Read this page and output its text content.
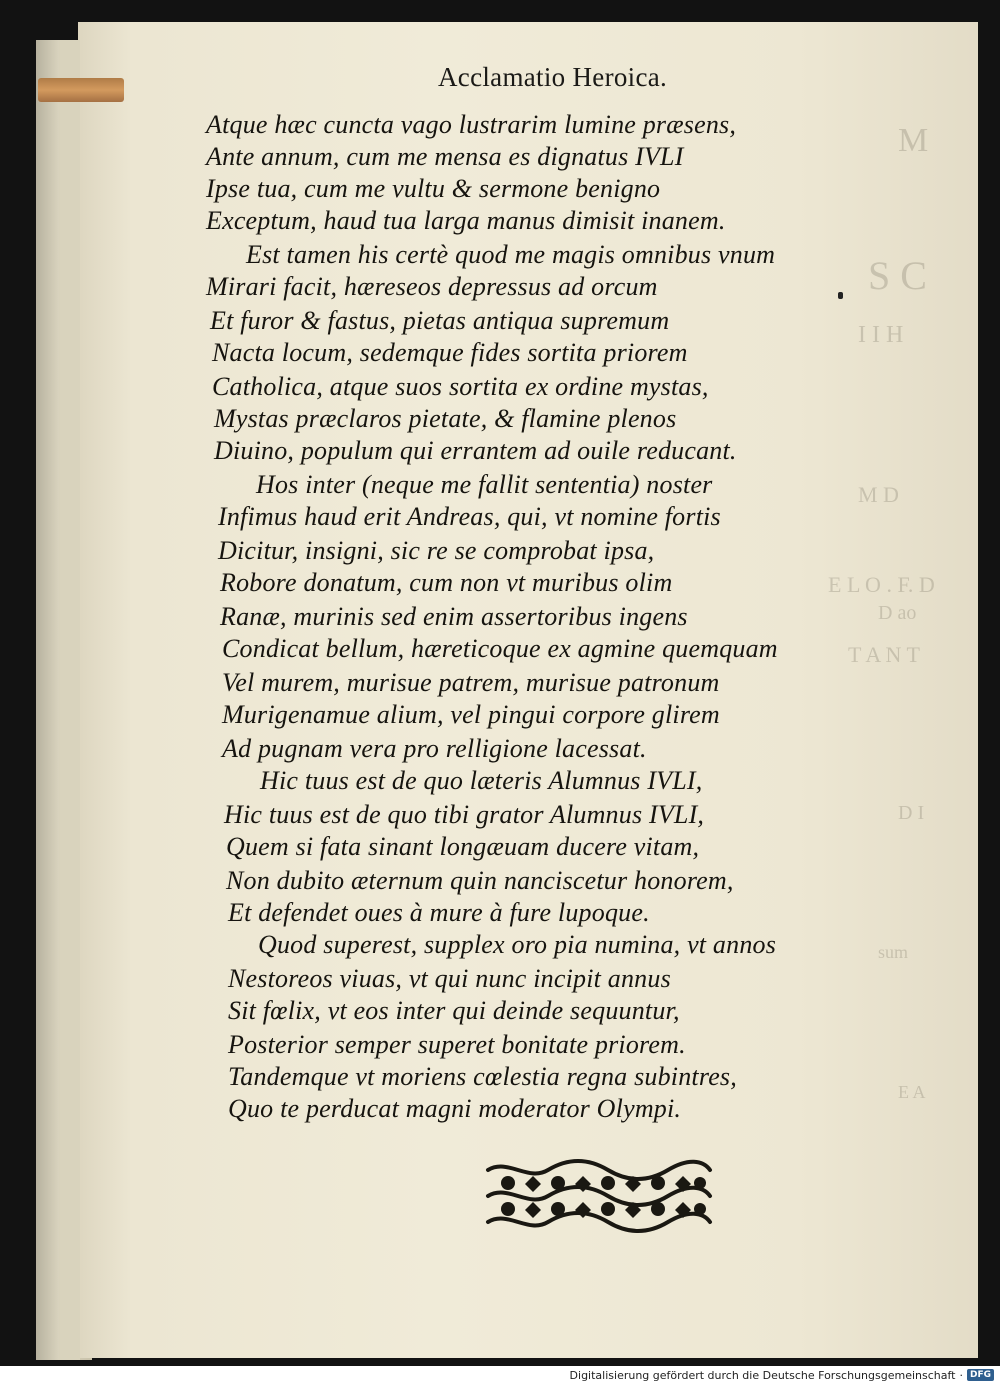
M
S C
I I H
M D
E L O . F. D
D ao
T A N T
D I
sum
E A
Acclamatio Heroica.
Atque hæc cuncta vago lustrarim lumine præsens,
Ante annum, cum me mensa es dignatus IVLI
Ipse tua, cum me vultu & sermone benigno
Exceptum, haud tua larga manus dimisit inanem.
Est tamen his certè quod me magis omnibus vnum
Mirari facit, hæreseos depressus ad orcum
Et furor & fastus, pietas antiqua supremum
Nacta locum, sedemque fides sortita priorem
Catholica, atque suos sortita ex ordine mystas,
Mystas præclaros pietate, & flamine plenos
Diuino, populum qui errantem ad ouile reducant.
Hos inter (neque me fallit sententia) noster
Infimus haud erit Andreas, qui, vt nomine fortis
Dicitur, insigni, sic re se comprobat ipsa,
Robore donatum, cum non vt muribus olim
Ranæ, murinis sed enim assertoribus ingens
Condicat bellum, hæreticoque ex agmine quemquam
Vel murem, murisue patrem, murisue patronum
Murigenamue alium, vel pingui corpore glirem
Ad pugnam vera pro relligione lacessat.
Hic tuus est de quo læteris Alumnus IVLI,
Hic tuus est de quo tibi grator Alumnus IVLI,
Quem si fata sinant longæuam ducere vitam,
Non dubito æternum quin nanciscetur honorem,
Et defendet oues à mure à fure lupoque.
Quod superest, supplex oro pia numina, vt annos
Nestoreos viuas, vt qui nunc incipit annus
Sit fœlix, vt eos inter qui deinde sequuntur,
Posterior semper superet bonitate priorem.
Tandemque vt moriens cœlestia regna subintres,
Quo te perducat magni moderator Olympi.
Digitalisierung gefördert durch die Deutsche Forschungsgemeinschaft · DFG
